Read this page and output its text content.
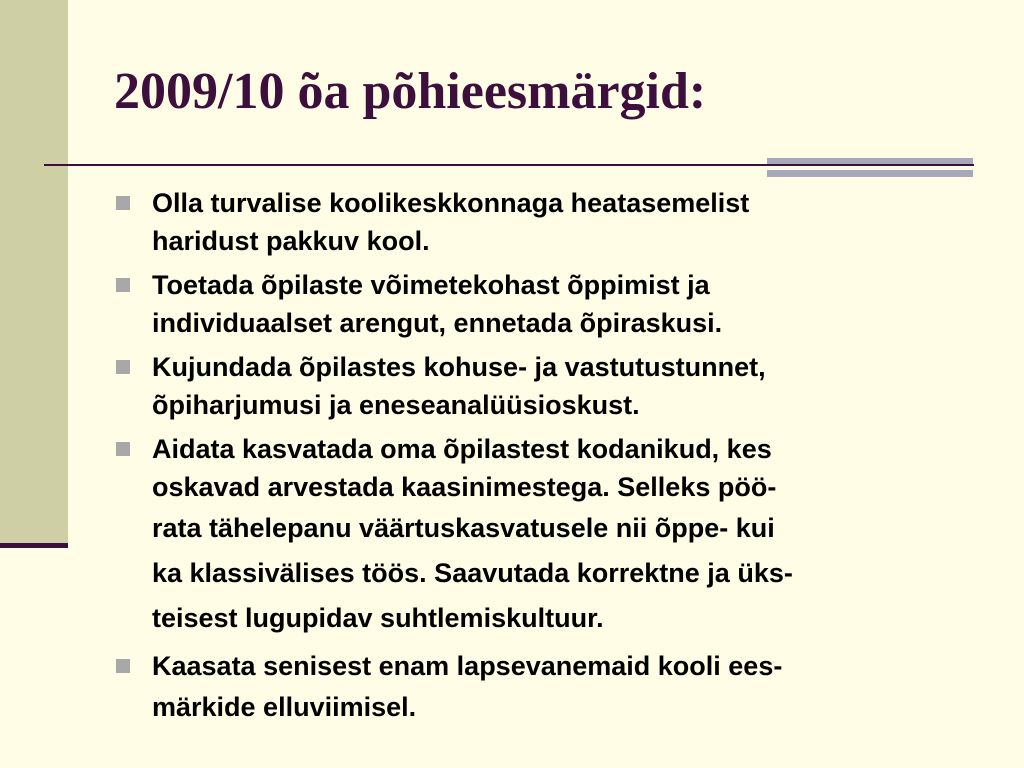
2009/10 õa põhieesmärgid:
Olla turvalise koolikeskkonnaga heatasemelist
haridust pakkuv kool.
Toetada õpilaste võimetekohast õppimist ja
individuaalset arengut, ennetada õpiraskusi.
Kujundada õpilastes kohuse- ja vastutustunnet,
õpiharjumusi ja eneseanalüüsioskust.
Aidata kasvatada oma õpilastest kodanikud, kes
oskavad arvestada kaasinimestega. Selleks pöö-
rata tähelepanu väärtuskasvatusele nii õppe- kui
ka klassivälises töös. Saavutada korrektne ja üks-
teisest lugupidav suhtlemiskultuur.
Kaasata senisest enam lapsevanemaid kooli ees-
märkide elluviimisel.
